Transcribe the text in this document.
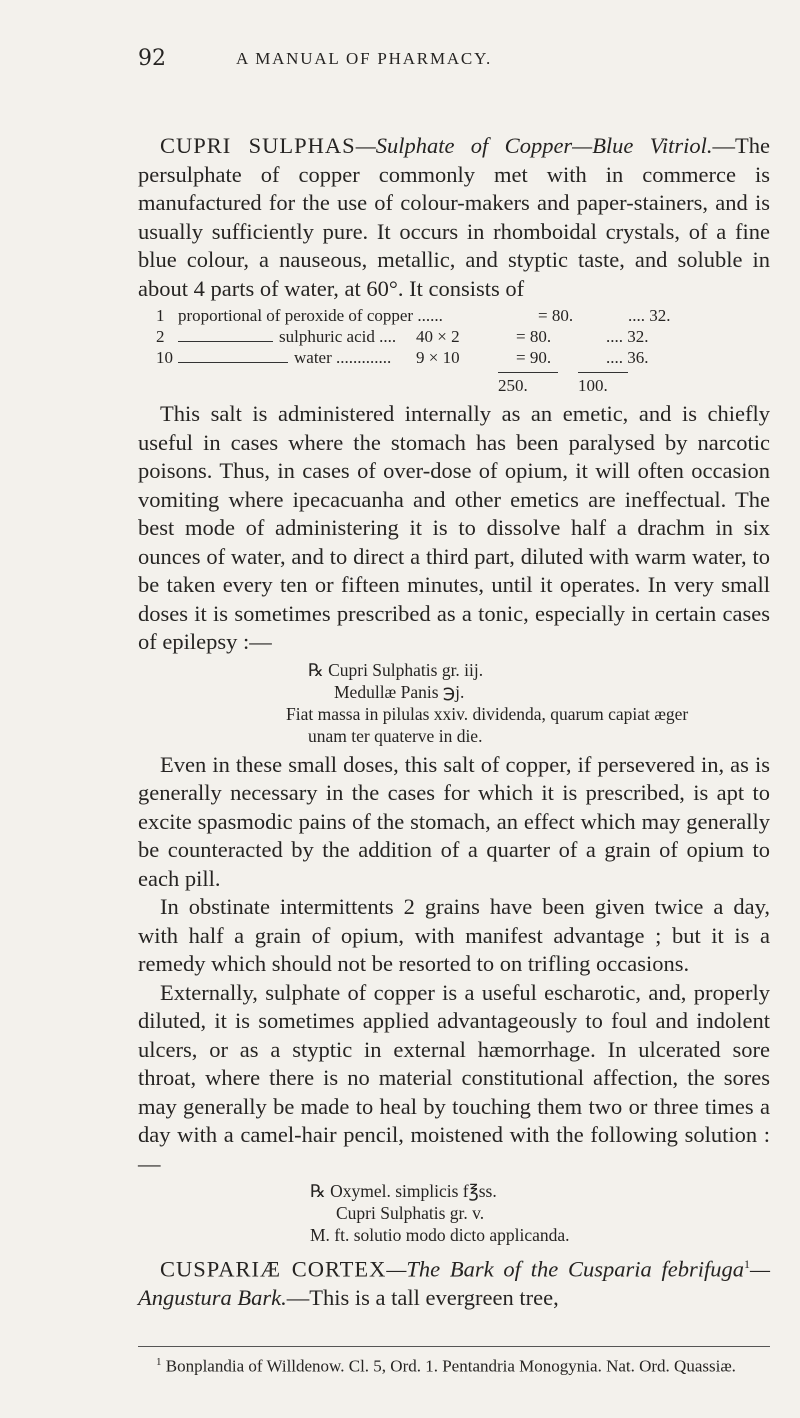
92	A MANUAL OF PHARMACY.

CUPRI SULPHAS—Sulphate of Copper—Blue Vitriol.—The persulphate of copper commonly met with in commerce is manufactured for the use of colour-makers and paper-stainers, and is usually sufficiently pure. It occurs in rhomboidal crystals, of a fine blue colour, a nauseous, metallic, and styptic taste, and soluble in about 4 parts of water, at 60°. It consists of

1 proportional of peroxide of copper ......	= 80.	.... 32.
2	sulphuric acid ....	40 × 2	= 80.	.... 32.
10	water .............	9 × 10	= 90.	.... 36.
250.	100.

This salt is administered internally as an emetic, and is chiefly useful in cases where the stomach has been paralysed by narcotic poisons. Thus, in cases of over-dose of opium, it will often occasion vomiting where ipecacuanha and other emetics are ineffectual. The best mode of administering it is to dissolve half a drachm in six ounces of water, and to direct a third part, diluted with warm water, to be taken every ten or fifteen minutes, until it operates. In very small doses it is sometimes prescribed as a tonic, especially in certain cases of epilepsy :—

℞ Cupri Sulphatis gr. iij.
Medullæ Panis ℈j.
Fiat massa in pilulas xxiv. dividenda, quarum capiat æger
unam ter quaterve in die.

Even in these small doses, this salt of copper, if persevered in, as is generally necessary in the cases for which it is prescribed, is apt to excite spasmodic pains of the stomach, an effect which may generally be counteracted by the addition of a quarter of a grain of opium to each pill.

In obstinate intermittents 2 grains have been given twice a day, with half a grain of opium, with manifest advantage ; but it is a remedy which should not be resorted to on trifling occasions.

Externally, sulphate of copper is a useful escharotic, and, properly diluted, it is sometimes applied advantageously to foul and indolent ulcers, or as a styptic in external hæmorrhage. In ulcerated sore throat, where there is no material constitutional affection, the sores may generally be made to heal by touching them two or three times a day with a camel-hair pencil, moistened with the following solution :—

℞ Oxymel. simplicis f℥ss.
Cupri Sulphatis gr. v.
M. ft. solutio modo dicto applicanda.

CUSPARIÆ CORTEX—The Bark of the Cusparia febrifuga$^1$—Angustura Bark.—This is a tall evergreen tree,

$^1$ Bonplandia of Willdenow. Cl. 5, Ord. 1. Pentandria Monogynia. Nat. Ord. Quassiæ.
